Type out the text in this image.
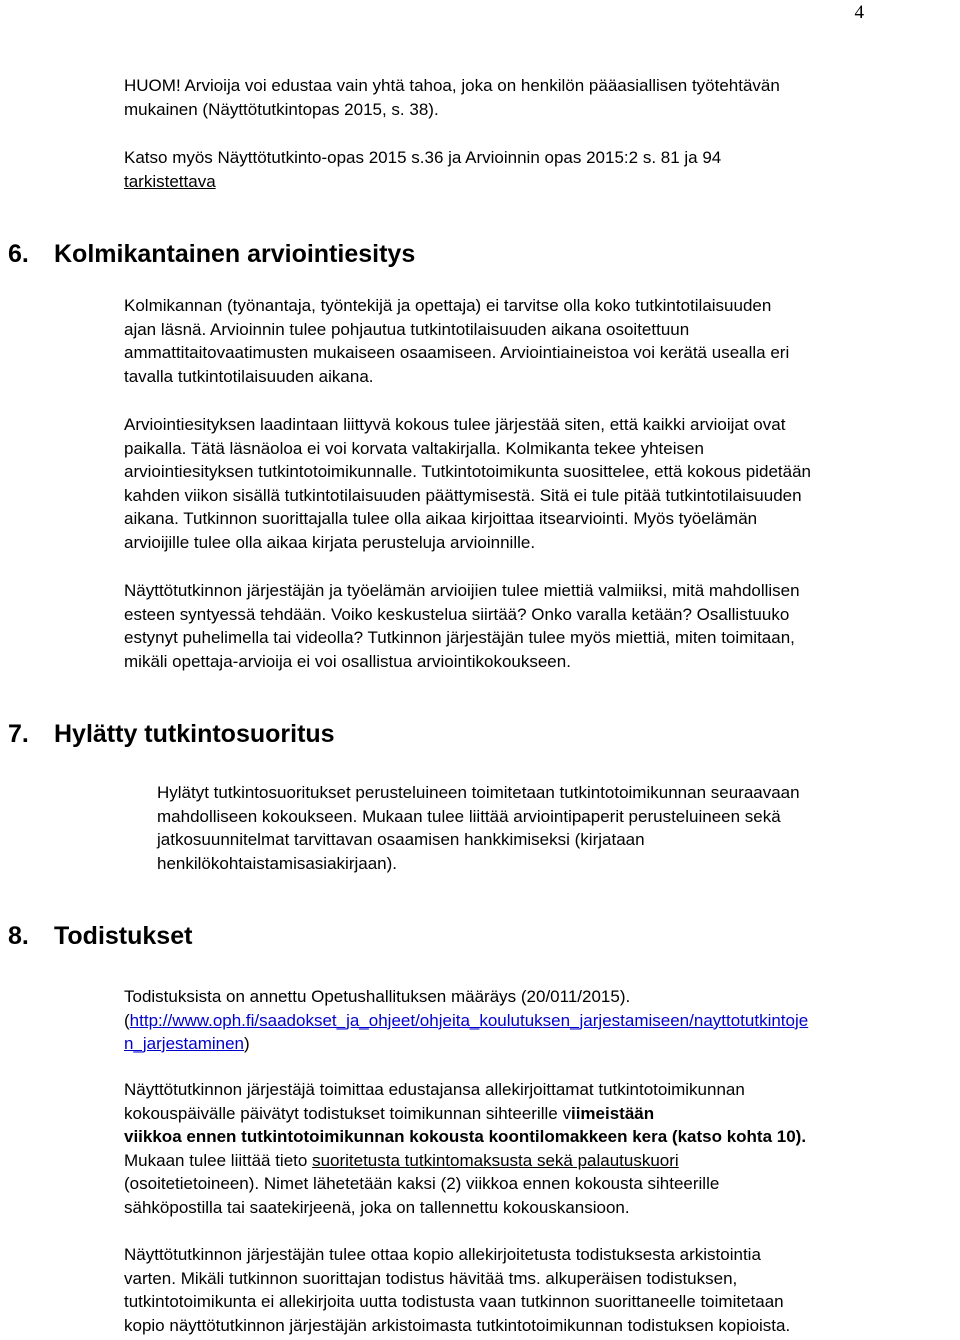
4
HUOM! Arvioija voi edustaa vain yhtä tahoa, joka on henkilön pääasiallisen työtehtävän
mukainen (Näyttötutkintopas 2015, s. 38).
Katso myös Näyttötutkinto-opas 2015 s.36 ja Arvioinnin opas 2015:2 s. 81 ja 94
tarkistettava
6. Kolmikantainen arviointiesitys
Kolmikannan (työnantaja, työntekijä ja opettaja) ei tarvitse olla koko tutkintotilaisuuden
ajan läsnä. Arvioinnin tulee pohjautua tutkintotilaisuuden aikana osoitettuun
ammattitaitovaatimusten mukaiseen osaamiseen. Arviointiaineistoa voi kerätä usealla eri
tavalla tutkintotilaisuuden aikana.
Arviointiesityksen laadintaan liittyvä kokous tulee järjestää siten, että kaikki arvioijat ovat
paikalla. Tätä läsnäoloa ei voi korvata valtakirjalla. Kolmikanta tekee yhteisen
arviointiesityksen tutkintotoimikunnalle. Tutkintotoimikunta suosittelee, että kokous pidetään
kahden viikon sisällä tutkintotilaisuuden päättymisestä. Sitä ei tule pitää tutkintotilaisuuden
aikana. Tutkinnon suorittajalla tulee olla aikaa kirjoittaa itsearviointi. Myös työelämän
arvioijille tulee olla aikaa kirjata perusteluja arvioinnille.
Näyttötutkinnon järjestäjän ja työelämän arvioijien tulee miettiä valmiiksi, mitä mahdollisen
esteen syntyessä tehdään. Voiko keskustelua siirtää? Onko varalla ketään? Osallistuuko
estynyt puhelimella tai videolla? Tutkinnon järjestäjän tulee myös miettiä, miten toimitaan,
mikäli opettaja-arvioija ei voi osallistua arviointikokoukseen.
7. Hylätty tutkintosuoritus
Hylätyt tutkintosuoritukset perusteluineen toimitetaan tutkintotoimikunnan seuraavaan
mahdolliseen kokoukseen. Mukaan tulee liittää arviointipaperit perusteluineen sekä
jatkosuunnitelmat tarvittavan osaamisen hankkimiseksi (kirjataan
henkilökohtaistamisasiakirjaan).
8. Todistukset
Todistuksista on annettu Opetushallituksen määräys (20/011/2015).
(http://www.oph.fi/saadokset_ja_ohjeet/ohjeita_koulutuksen_jarjestamiseen/nayttotutkintoje
n_jarjestaminen)
Näyttötutkinnon järjestäjä toimittaa edustajansa allekirjoittamat tutkintotoimikunnan
kokouspäivälle päivätyt todistukset toimikunnan sihteerille viimeistään
viikkoa ennen tutkintotoimikunnan kokousta koontilomakkeen kera (katso kohta 10).
Mukaan tulee liittää tieto suoritetusta tutkintomaksusta sekä palautuskuori
(osoitetietoineen). Nimet lähetetään kaksi (2) viikkoa ennen kokousta sihteerille
sähköpostilla tai saatekirjeenä, joka on tallennettu kokouskansioon.
Näyttötutkinnon järjestäjän tulee ottaa kopio allekirjoitetusta todistuksesta arkistointia
varten. Mikäli tutkinnon suorittajan todistus hävitää tms. alkuperäisen todistuksen,
tutkintotoimikunta ei allekirjoita uutta todistusta vaan tutkinnon suorittaneelle toimitetaan
kopio näyttötutkinnon järjestäjän arkistoimasta tutkintotoimikunnan todistuksen kopioista.
